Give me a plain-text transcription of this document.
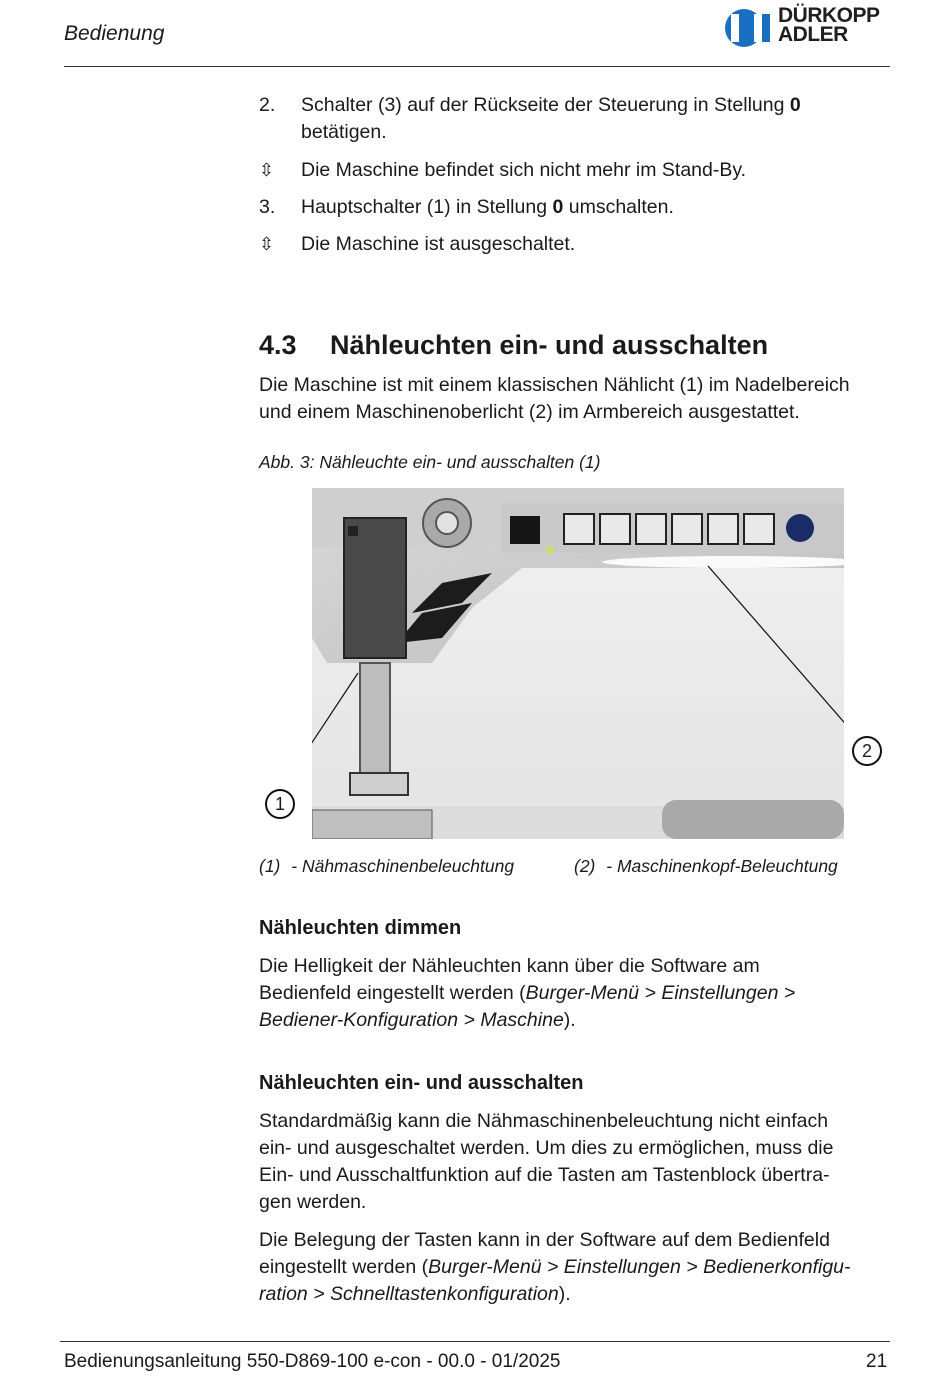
Bedienung
DÜRKOPP
ADLER
2.	Schalter (3) auf der Rückseite der Steuerung in Stellung 0
betätigen.
⇳	Die Maschine befindet sich nicht mehr im Stand-By.
3.	Hauptschalter (1) in Stellung 0 umschalten.
⇳	Die Maschine ist ausgeschaltet.
4.3 Nähleuchten ein- und ausschalten
Die Maschine ist mit einem klassischen Nählicht (1) im Nadelbereich
und einem Maschinenoberlicht (2) im Armbereich ausgestattet.
Abb. 3: Nähleuchte ein- und ausschalten (1)
1
2
(1) - Nähmaschinenbeleuchtung	(2) - Maschinenkopf-Beleuchtung
Nähleuchten dimmen
Die Helligkeit der Nähleuchten kann über die Software am
Bedienfeld eingestellt werden (Burger-Menü > Einstellungen >
Bediener-Konfiguration > Maschine).
Nähleuchten ein- und ausschalten
Standardmäßig kann die Nähmaschinenbeleuchtung nicht einfach
ein- und ausgeschaltet werden. Um dies zu ermöglichen, muss die
Ein- und Ausschaltfunktion auf die Tasten am Tastenblock übertra-
gen werden.
Die Belegung der Tasten kann in der Software auf dem Bedienfeld
eingestellt werden (Burger-Menü > Einstellungen > Bedienerkonfigu-
ration > Schnelltastenkonfiguration).
Bedienungsanleitung 550-D869-100 e-con - 00.0 - 01/2025	21
